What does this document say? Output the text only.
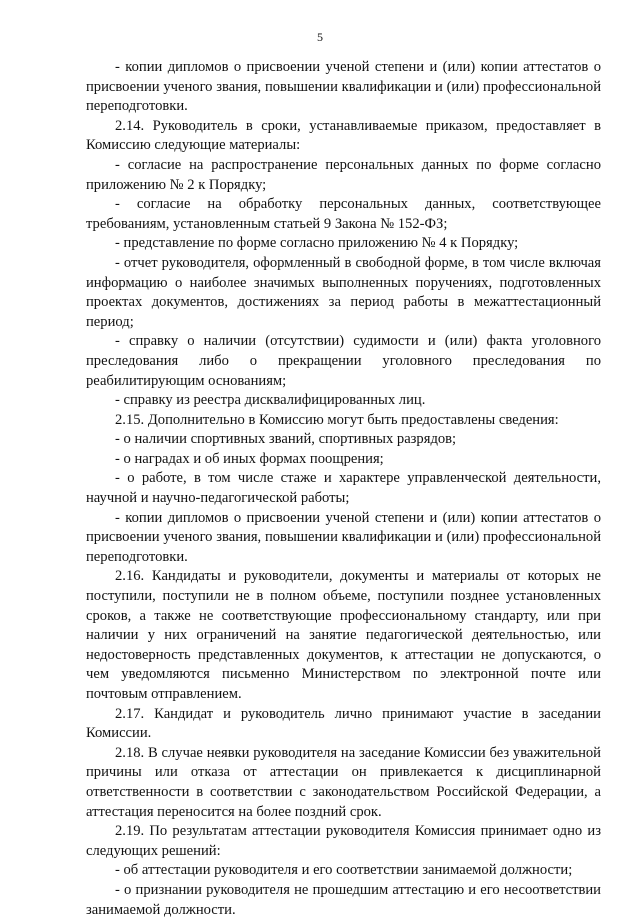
5

- копии дипломов о присвоении ученой степени и (или) копии аттестатов о присвоении ученого звания, повышении квалификации и (или) профессиональной переподготовки.

2.14. Руководитель в сроки, устанавливаемые приказом, предоставляет в Комиссию следующие материалы:

- согласие на распространение персональных данных по форме согласно приложению № 2 к Порядку;

- согласие на обработку персональных данных, соответствующее требованиям, установленным статьей 9 Закона № 152-ФЗ;

- представление по форме согласно приложению № 4 к Порядку;

- отчет руководителя, оформленный в свободной форме, в том числе включая информацию о наиболее значимых выполненных поручениях, подготовленных проектах документов, достижениях за период работы в межаттестационный период;

- справку о наличии (отсутствии) судимости и (или) факта уголовного преследования либо о прекращении уголовного преследования по реабилитирующим основаниям;

- справку из реестра дисквалифицированных лиц.

2.15. Дополнительно в Комиссию могут быть предоставлены сведения:

- о наличии спортивных званий, спортивных разрядов;

- о наградах и об иных формах поощрения;

- о работе, в том числе стаже и характере управленческой деятельности, научной и научно-педагогической работы;

- копии дипломов о присвоении ученой степени и (или) копии аттестатов о присвоении ученого звания, повышении квалификации и (или) профессиональной переподготовки.

2.16. Кандидаты и руководители, документы и материалы от которых не поступили, поступили не в полном объеме, поступили позднее установленных сроков, а также не соответствующие профессиональному стандарту, или при наличии у них ограничений на занятие педагогической деятельностью, или недостоверность представленных документов, к аттестации не допускаются, о чем уведомляются письменно Министерством по электронной почте или почтовым отправлением.

2.17. Кандидат и руководитель лично принимают участие в заседании Комиссии.

2.18. В случае неявки руководителя на заседание Комиссии без уважительной причины или отказа от аттестации он привлекается к дисциплинарной ответственности в соответствии с законодательством Российской Федерации, а аттестация переносится на более поздний срок.

2.19. По результатам аттестации руководителя Комиссия принимает одно из следующих решений:

- об аттестации руководителя и его соответствии занимаемой должности;

- о признании руководителя не прошедшим аттестацию и его несоответствии занимаемой должности.
